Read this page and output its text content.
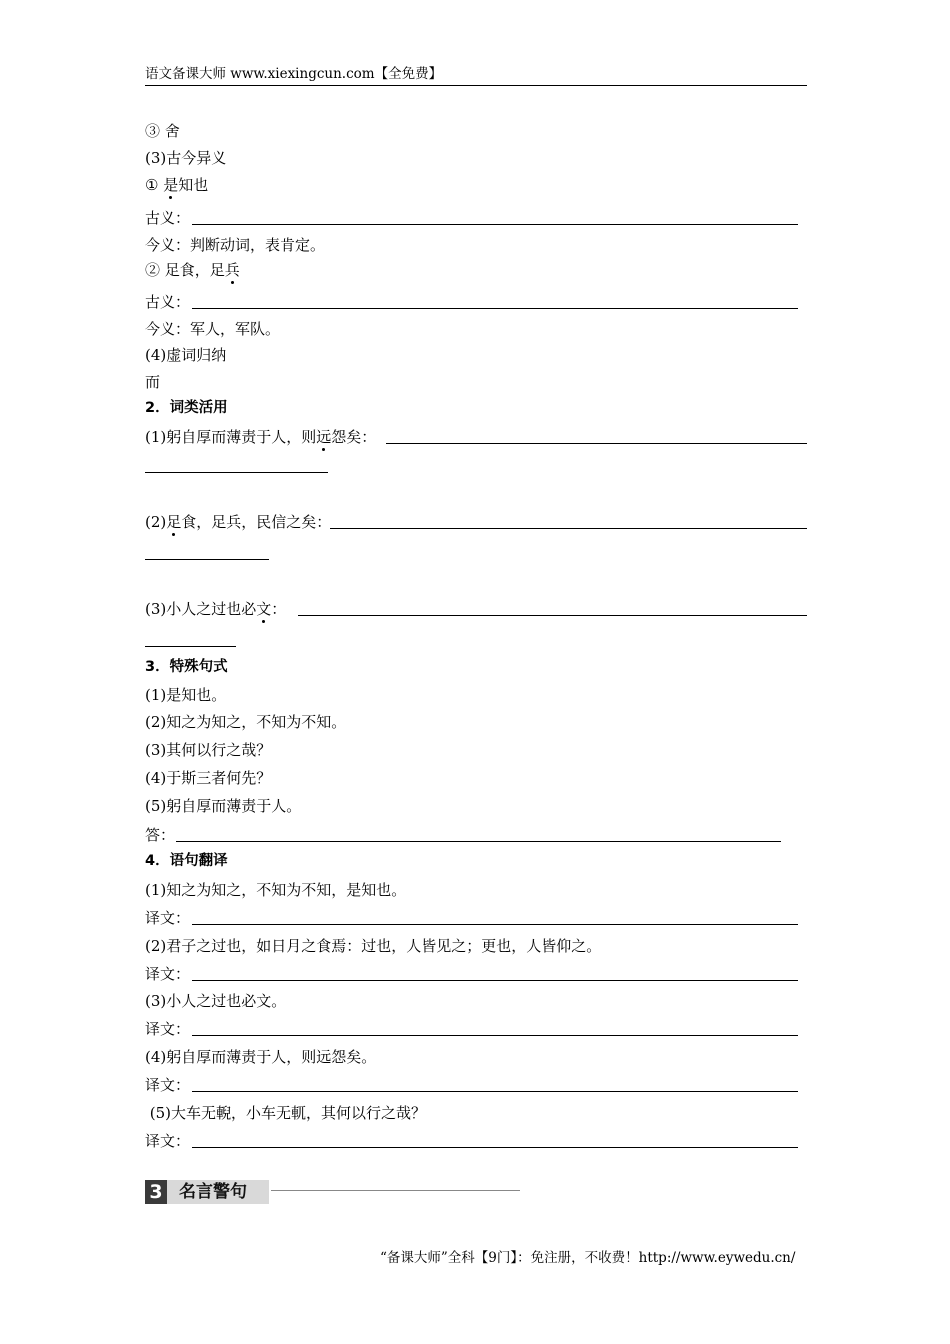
语文备课大师 www.xiexingcun.com【全免费】
③ 舍
(3)古今异义
① 是知也
古义：
今义：判断动词，表肯定。
② 足食，足兵
古义：
今义：军人，军队。
(4)虚词归纳
而
2．词类活用
(1)躬自厚而薄责于人，则远怨矣：
(2)足食，足兵，民信之矣：
(3)小人之过也必文：
3．特殊句式
(1)是知也。
(2)知之为知之，不知为不知。
(3)其何以行之哉？
(4)于斯三者何先？
(5)躬自厚而薄责于人。
答：
4．语句翻译
(1)知之为知之，不知为不知，是知也。
译文：
(2)君子之过也，如日月之食焉：过也，人皆见之；更也，人皆仰之。
译文：
(3)小人之过也必文。
译文：
(4)躬自厚而薄责于人，则远怨矣。
译文：
(5)大车无輗，小车无軏，其何以行之哉？
译文：
3 名言警句
“备课大师”全科【9门】：免注册，不收费！http://www.eywedu.cn/
